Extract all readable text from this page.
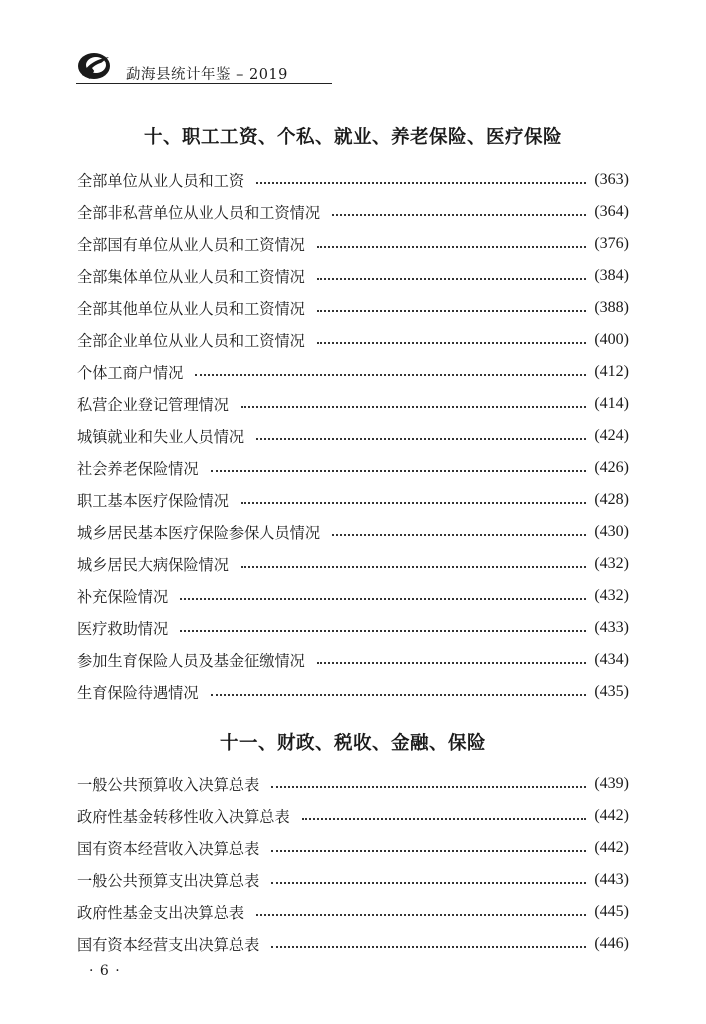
勐海县统计年鉴 – 2019
十、职工工资、个私、就业、养老保险、医疗保险
全部单位从业人员和工资	(363)
全部非私营单位从业人员和工资情况	(364)
全部国有单位从业人员和工资情况	(376)
全部集体单位从业人员和工资情况	(384)
全部其他单位从业人员和工资情况	(388)
全部企业单位从业人员和工资情况	(400)
个体工商户情况	(412)
私营企业登记管理情况	(414)
城镇就业和失业人员情况	(424)
社会养老保险情况	(426)
职工基本医疗保险情况	(428)
城乡居民基本医疗保险参保人员情况	(430)
城乡居民大病保险情况	(432)
补充保险情况	(432)
医疗救助情况	(433)
参加生育保险人员及基金征缴情况	(434)
生育保险待遇情况	(435)
十一、财政、税收、金融、保险
一般公共预算收入决算总表	(439)
政府性基金转移性收入决算总表	(442)
国有资本经营收入决算总表	(442)
一般公共预算支出决算总表	(443)
政府性基金支出决算总表	(445)
国有资本经营支出决算总表	(446)
· 6 ·
